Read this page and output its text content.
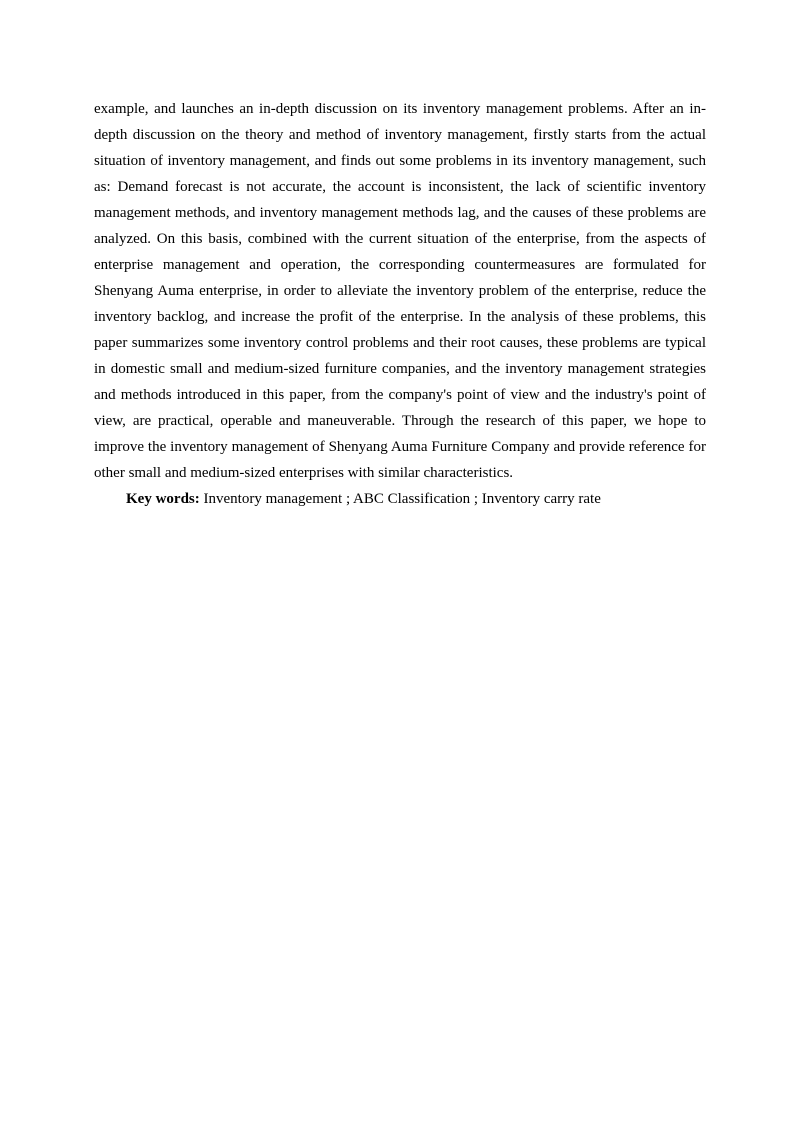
example, and launches an in-depth discussion on its inventory management problems. After an in-depth discussion on the theory and method of inventory management, firstly starts from the actual situation of inventory management, and finds out some problems in its inventory management, such as: Demand forecast is not accurate, the account is inconsistent, the lack of scientific inventory management methods, and inventory management methods lag, and the causes of these problems are analyzed. On this basis, combined with the current situation of the enterprise, from the aspects of enterprise management and operation, the corresponding countermeasures are formulated for Shenyang Auma enterprise, in order to alleviate the inventory problem of the enterprise, reduce the inventory backlog, and increase the profit of the enterprise. In the analysis of these problems, this paper summarizes some inventory control problems and their root causes, these problems are typical in domestic small and medium-sized furniture companies, and the inventory management strategies and methods introduced in this paper, from the company's point of view and the industry's point of view, are practical, operable and maneuverable. Through the research of this paper, we hope to improve the inventory management of Shenyang Auma Furniture Company and provide reference for other small and medium-sized enterprises with similar characteristics.

Key words: Inventory management ; ABC Classification ; Inventory carry rate
